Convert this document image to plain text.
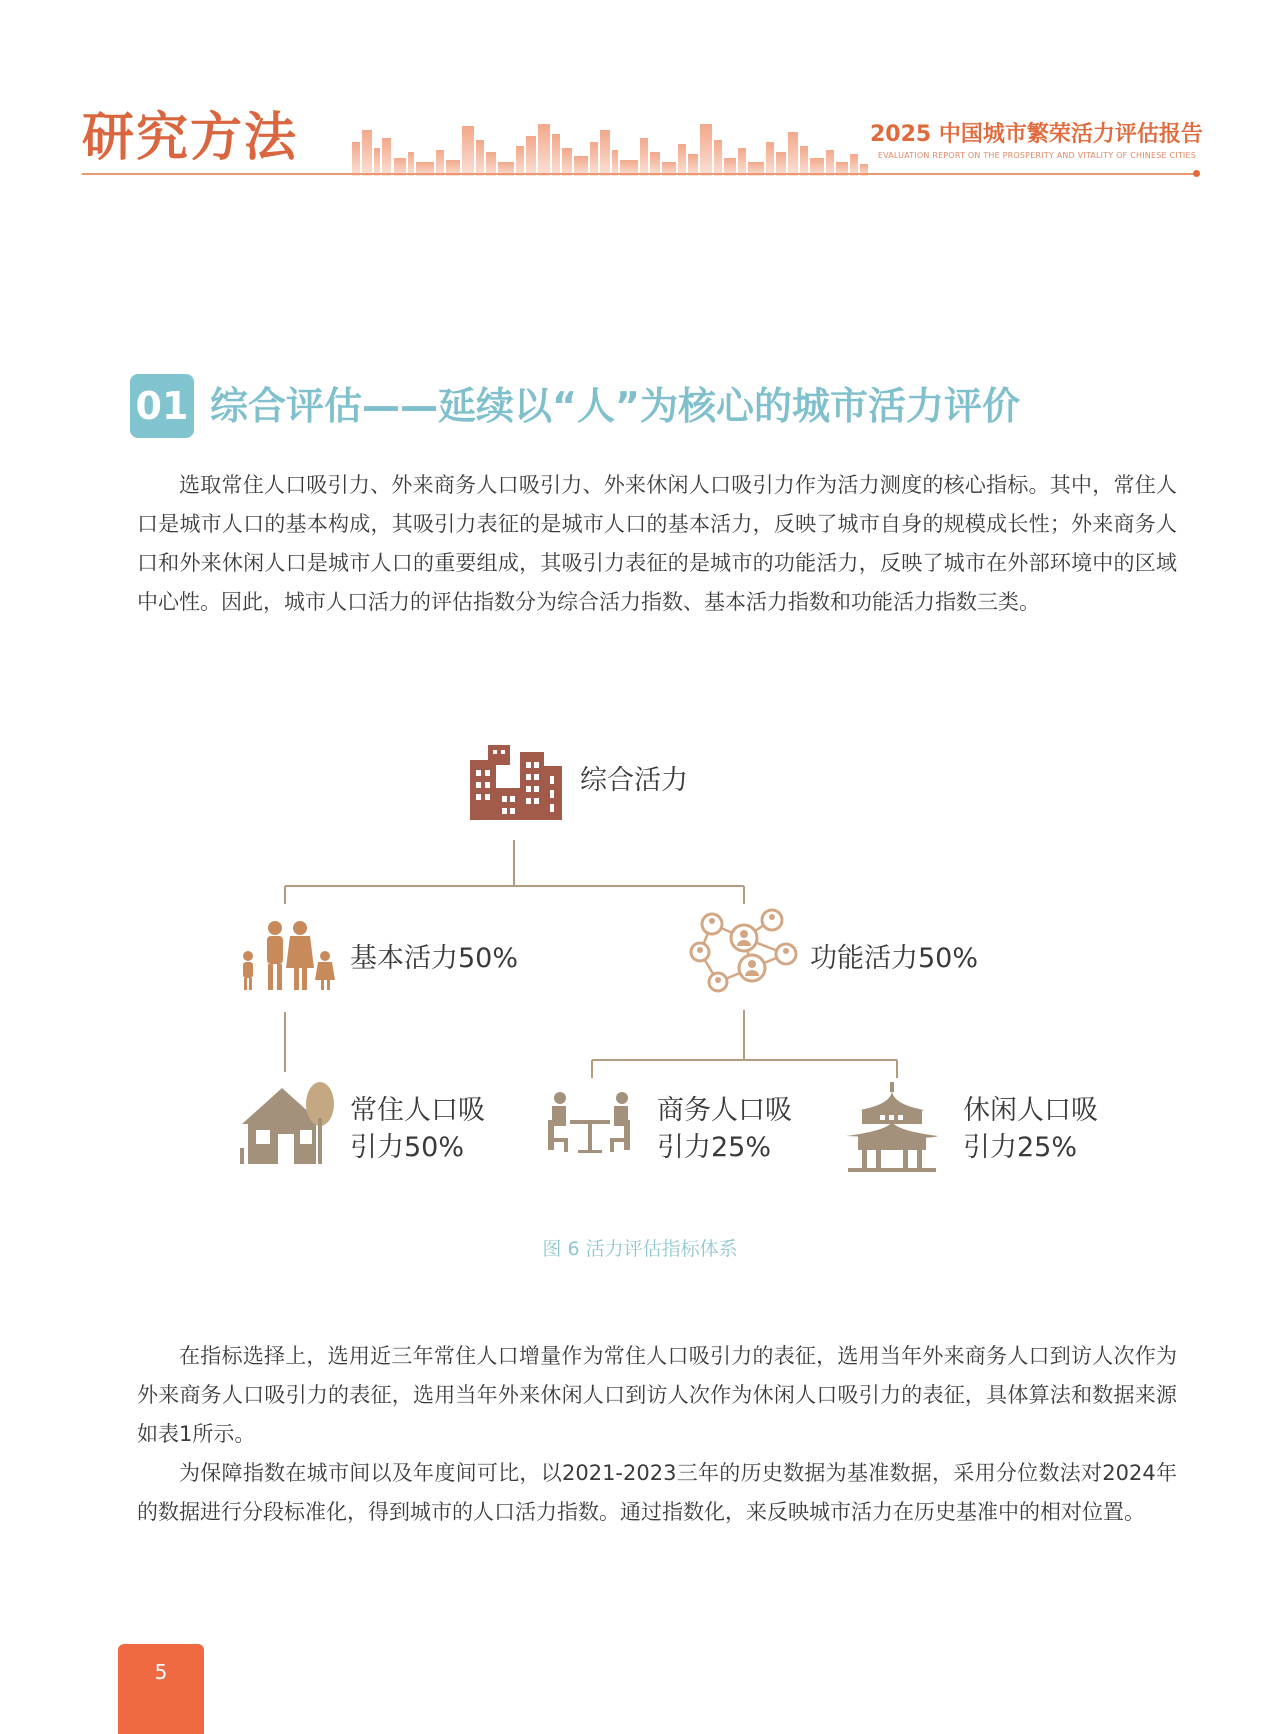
研究方法	2025 中国城市繁荣活力评估报告
EVALUATION REPORT ON THE PROSPERITY AND VITALITY OF CHINESE CITIES
01 综合评估——延续以“人”为核心的城市活力评价

选取常住人口吸引力、外来商务人口吸引力、外来休闲人口吸引力作为活力测度的核心指标。其中，常住人口是城市人口的基本构成，其吸引力表征的是城市人口的基本活力，反映了城市自身的规模成长性；外来商务人口和外来休闲人口是城市人口的重要组成，其吸引力表征的是城市的功能活力，反映了城市在外部环境中的区域中心性。因此，城市人口活力的评估指数分为综合活力指数、基本活力指数和功能活力指数三类。

综合活力
基本活力50%	功能活力50%
常住人口吸
引力50%
商务人口吸
引力25%
休闲人口吸
引力25%
图 6 活力评估指标体系

在指标选择上，选用近三年常住人口增量作为常住人口吸引力的表征，选用当年外来商务人口到访人次作为外来商务人口吸引力的表征，选用当年外来休闲人口到访人次作为休闲人口吸引力的表征，具体算法和数据来源如表1所示。

为保障指数在城市间以及年度间可比，以2021-2023三年的历史数据为基准数据，采用分位数法对2024年的数据进行分段标准化，得到城市的人口活力指数。通过指数化，来反映城市活力在历史基准中的相对位置。

5
